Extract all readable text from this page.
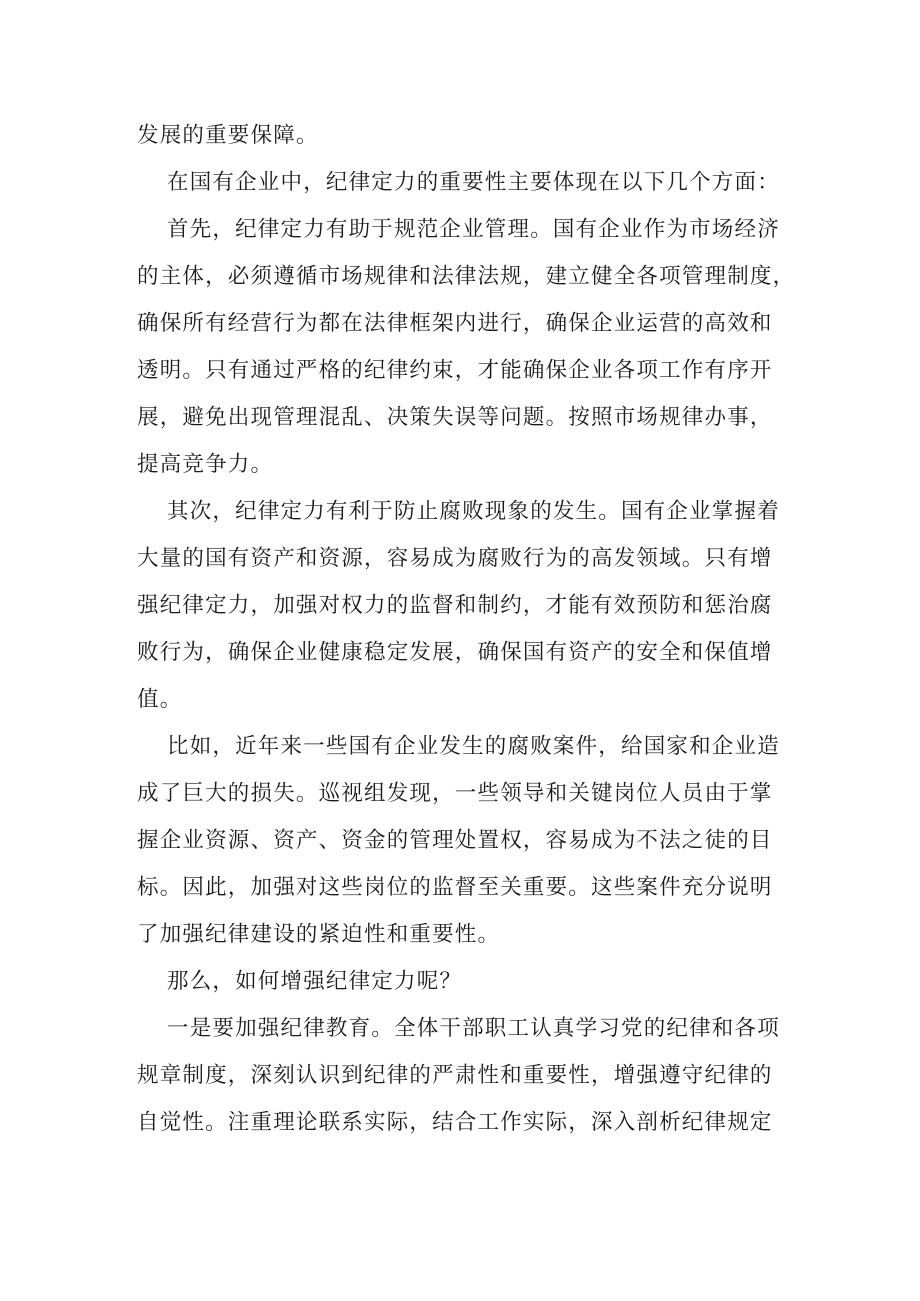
发展的重要保障。
在国有企业中，纪律定力的重要性主要体现在以下几个方面：
首先，纪律定力有助于规范企业管理。国有企业作为市场经济
的主体，必须遵循市场规律和法律法规，建立健全各项管理制度，
确保所有经营行为都在法律框架内进行，确保企业运营的高效和
透明。只有通过严格的纪律约束，才能确保企业各项工作有序开
展，避免出现管理混乱、决策失误等问题。按照市场规律办事，
提高竞争力。
其次，纪律定力有利于防止腐败现象的发生。国有企业掌握着
大量的国有资产和资源，容易成为腐败行为的高发领域。只有增
强纪律定力，加强对权力的监督和制约，才能有效预防和惩治腐
败行为，确保企业健康稳定发展，确保国有资产的安全和保值增
值。
比如，近年来一些国有企业发生的腐败案件，给国家和企业造
成了巨大的损失。巡视组发现，一些领导和关键岗位人员由于掌
握企业资源、资产、资金的管理处置权，容易成为不法之徒的目
标。因此，加强对这些岗位的监督至关重要。这些案件充分说明
了加强纪律建设的紧迫性和重要性。
那么，如何增强纪律定力呢？
一是要加强纪律教育。全体干部职工认真学习党的纪律和各项
规章制度，深刻认识到纪律的严肃性和重要性，增强遵守纪律的
自觉性。注重理论联系实际，结合工作实际，深入剖析纪律规定
